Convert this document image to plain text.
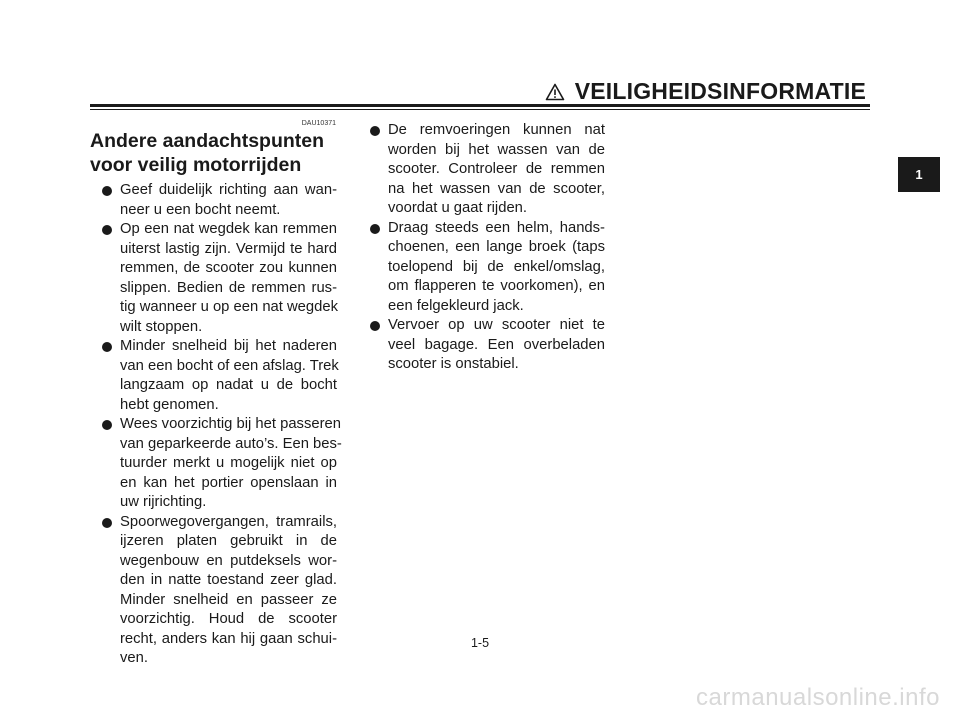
VEILIGHEIDSINFORMATIE
DAU10371
Andere aandachtspunten
voor veilig motorrijden
Geef duidelijk richting aan wan-
neer u een bocht neemt.
Op een nat wegdek kan remmen
uiterst lastig zijn. Vermijd te hard
remmen, de scooter zou kunnen
slippen. Bedien de remmen rus-
tig wanneer u op een nat wegdek
wilt stoppen.
Minder snelheid bij het naderen
van een bocht of een afslag. Trek
langzaam op nadat u de bocht
hebt genomen.
Wees voorzichtig bij het passeren
van geparkeerde auto’s. Een bes-
tuurder merkt u mogelijk niet op
en kan het portier openslaan in
uw rijrichting.
Spoorwegovergangen, tramrails,
ijzeren platen gebruikt in de
wegenbouw en putdeksels wor-
den in natte toestand zeer glad.
Minder snelheid en passeer ze
voorzichtig. Houd de scooter
recht, anders kan hij gaan schui-
ven.
De remvoeringen kunnen nat
worden bij het wassen van de
scooter. Controleer de remmen
na het wassen van de scooter,
voordat u gaat rijden.
Draag steeds een helm, hands-
choenen, een lange broek (taps
toelopend bij de enkel/omslag,
om flapperen te voorkomen), en
een felgekleurd jack.
Vervoer op uw scooter niet te
veel bagage. Een overbeladen
scooter is onstabiel.
1-5
1
carmanualsonline.info
